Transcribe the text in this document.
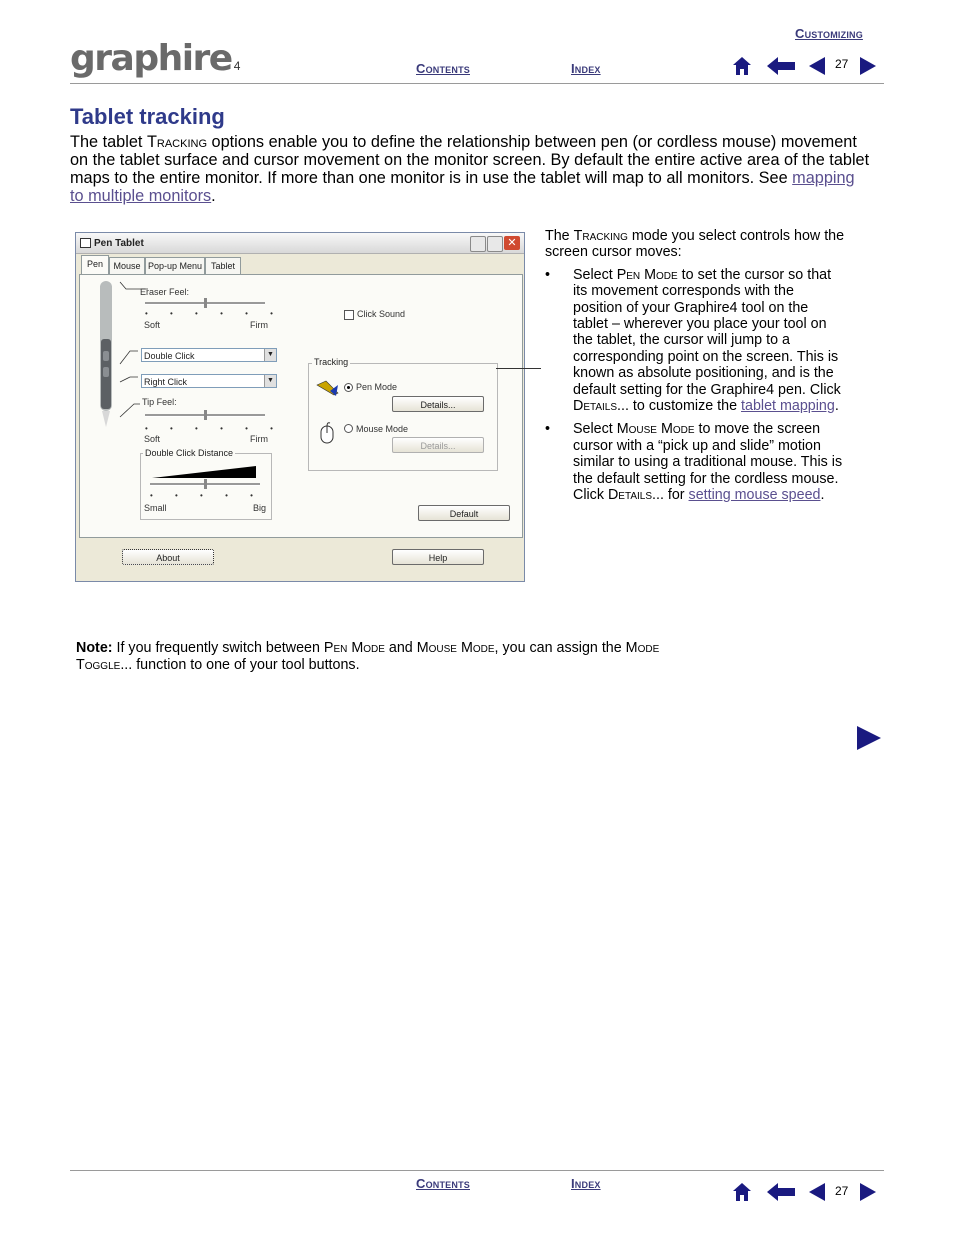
Customizing
graphire 4	Contents	Index	27
Tablet tracking

The tablet Tracking options enable you to define the relationship between pen (or cordless mouse) movement on the tablet surface and cursor movement on the monitor screen. By default the entire active area of the tablet maps to the entire monitor. If more than one monitor is in use the tablet will map to all monitors. See mapping to multiple monitors.

Pen Tablet	✕
Pen	Mouse Pop-up Menu Tablet
Eraser Feel:
• • • • • •
Soft	Firm
Double Click	▼
Right Click	▼
Tip Feel:
• • • • • •
Soft	Firm
Double Click Distance
• • • • •
Small	Big
Click Sound
Tracking
Pen Mode
Details...
Mouse Mode
Details...
Default
About	Help

The Tracking mode you select controls how the screen cursor moves:

• Select Pen Mode to set the cursor so that its movement corresponds with the position of your Graphire4 tool on the tablet – wherever you place your tool on the tablet, the cursor will jump to a corresponding point on the screen. This is known as absolute positioning, and is the default setting for the Graphire4 pen. Click Details... to customize the tablet mapping.
• Select Mouse Mode to move the screen cursor with a “pick up and slide” motion similar to using a traditional mouse. This is the default setting for the cordless mouse. Click Details... for setting mouse speed.
Note: If you frequently switch between Pen Mode and Mouse Mode, you can assign the Mode Toggle... function to one of your tool buttons.
Contents	Index	27
